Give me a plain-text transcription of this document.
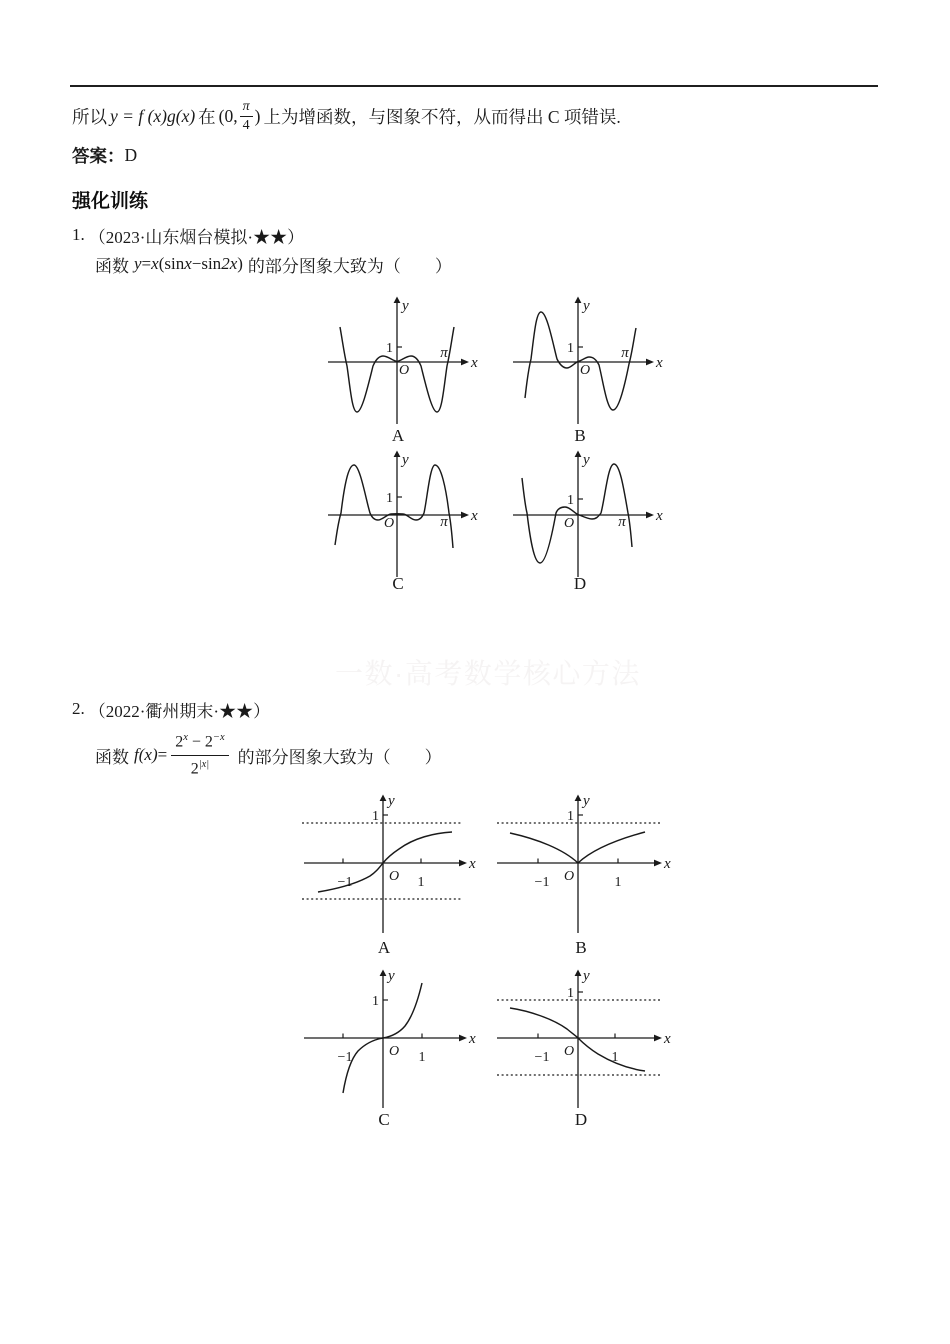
所以 y = f (x)g(x) 在 (0, $\frac{\pi}{4}$ ) 上为增函数，与图象不符，从而得出 C 项错误.
答案： D
强化训练
1. （2023·山东烟台模拟·★★）
函数 y = x ( sin x − sin 2x ) 的部分图象大致为（　　）
1	π
O	x
y
A
1	π
O	x
y
B
1
π
O	x
y
C
1
π
O	x
y
D
一数·高考数学核心方法
2. （2022·衢州期末·★★）
函数 f $(x) = \frac{2^x - 2^{-x}}{2^{|x|}}$ 的部分图象大致为（　　）
1
−1	1
O
x
y
A
1
−1	1
O
x
y
B
1
−1	1
O
x
y
C
1
−1	1
O
x
y
D
